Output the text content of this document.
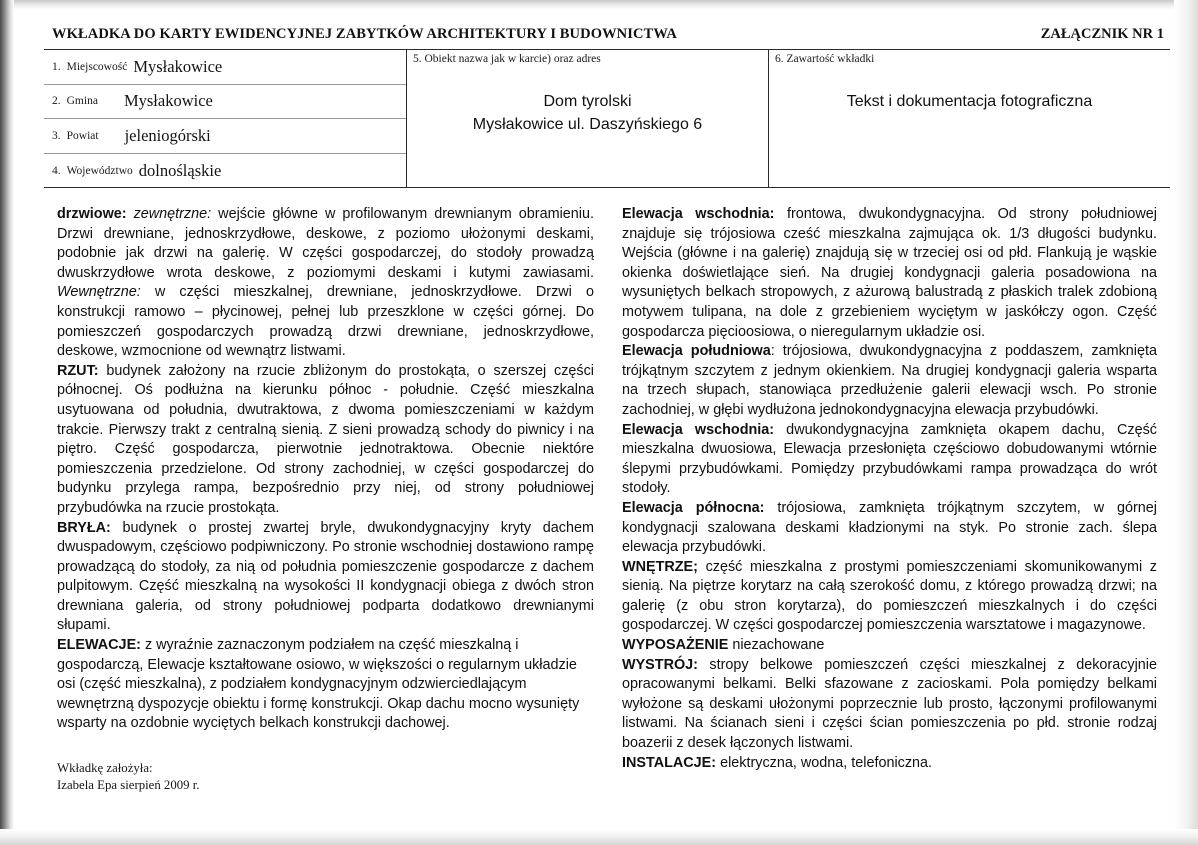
WKŁADKA DO KARTY EWIDENCYJNEJ ZABYTKÓW ARCHITEKTURY I BUDOWNICTWA	ZAŁĄCZNIK NR 1
1. Miejscowość Mysłakowice
2. Gmina Mysłakowice
3. Powiat jeleniogórski
4. Województwo dolnośląskie
5. Obiekt nazwa jak w karcie) oraz adres
Dom tyrolski
Mysłakowice ul. Daszyńskiego 6
6. Zawartość wkładki
Tekst i dokumentacja fotograficzna

drzwiowe: zewnętrzne: wejście główne w profilowanym drewnianym obramieniu. Drzwi drewniane, jednoskrzydłowe, deskowe, z poziomo ułożonymi deskami, podobnie jak drzwi na galerię. W części gospodarczej, do stodoły prowadzą dwuskrzydłowe wrota deskowe, z poziomymi deskami i kutymi zawiasami. Wewnętrzne: w części mieszkalnej, drewniane, jednoskrzydłowe. Drzwi o konstrukcji ramowo – płycinowej, pełnej lub przeszklone w części górnej. Do pomieszczeń gospodarczych prowadzą drzwi drewniane, jednoskrzydłowe, deskowe, wzmocnione od wewnątrz listwami.

RZUT: budynek założony na rzucie zbliżonym do prostokąta, o szerszej części północnej. Oś podłużna na kierunku północ - południe. Część mieszkalna usytuowana od południa, dwutraktowa, z dwoma pomieszczeniami w każdym trakcie. Pierwszy trakt z centralną sienią. Z sieni prowadzą schody do piwnicy i na piętro. Część gospodarcza, pierwotnie jednotraktowa. Obecnie niektóre pomieszczenia przedzielone. Od strony zachodniej, w części gospodarczej do budynku przylega rampa, bezpośrednio przy niej, od strony południowej przybudówka na rzucie prostokąta.

BRYŁA: budynek o prostej zwartej bryle, dwukondygnacyjny kryty dachem dwuspadowym, częściowo podpiwniczony. Po stronie wschodniej dostawiono rampę prowadzącą do stodoły, za nią od południa pomieszczenie gospodarcze z dachem pulpitowym. Część mieszkalną na wysokości II kondygnacji obiega z dwóch stron drewniana galeria, od strony południowej podparta dodatkowo drewnianymi słupami.

ELEWACJE: z wyraźnie zaznaczonym podziałem na część mieszkalną i gospodarczą, Elewacje kształtowane osiowo, w większości o regularnym układzie osi (część mieszkalna), z podziałem kondygnacyjnym odzwierciedlającym wewnętrzną dyspozycje obiektu i formę konstrukcji. Okap dachu mocno wysunięty wsparty na ozdobnie wyciętych belkach konstrukcji dachowej.

Elewacja wschodnia: frontowa, dwukondygnacyjna. Od strony południowej znajduje się trójosiowa cześć mieszkalna zajmująca ok. 1/3 długości budynku. Wejścia (główne i na galerię) znajdują się w trzeciej osi od płd. Flankują je wąskie okienka doświetlające sień. Na drugiej kondygnacji galeria posadowiona na wysuniętych belkach stropowych, z ażurową balustradą z płaskich tralek zdobioną motywem tulipana, na dole z grzebieniem wyciętym w jaskółczy ogon. Część gospodarcza pięcioosiowa, o nieregularnym układzie osi.

Elewacja południowa: trójosiowa, dwukondygnacyjna z poddaszem, zamknięta trójkątnym szczytem z jednym okienkiem. Na drugiej kondygnacji galeria wsparta na trzech słupach, stanowiąca przedłużenie galerii elewacji wsch. Po stronie zachodniej, w głębi wydłużona jednokondygnacyjna elewacja przybudówki.

Elewacja wschodnia: dwukondygnacyjna zamknięta okapem dachu, Część mieszkalna dwuosiowa, Elewacja przesłonięta częściowo dobudowanymi wtórnie ślepymi przybudówkami. Pomiędzy przybudówkami rampa prowadząca do wrót stodoły.

Elewacja północna: trójosiowa, zamknięta trójkątnym szczytem, w górnej kondygnacji szalowana deskami kładzionymi na styk. Po stronie zach. ślepa elewacja przybudówki.

WNĘTRZE; część mieszkalna z prostymi pomieszczeniami skomunikowanymi z sienią. Na piętrze korytarz na całą szerokość domu, z którego prowadzą drzwi; na galerię (z obu stron korytarza), do pomieszczeń mieszkalnych i do części gospodarczej. W części gospodarczej pomieszczenia warsztatowe i magazynowe.

WYPOSAŻENIE niezachowane

WYSTRÓJ: stropy belkowe pomieszczeń części mieszkalnej z dekoracyjnie opracowanymi belkami. Belki sfazowane z zacioskami. Pola pomiędzy belkami wyłożone są deskami ułożonymi poprzecznie lub prosto, łączonymi profilowanymi listwami. Na ścianach sieni i części ścian pomieszczenia po płd. stronie rodzaj boazerii z desek łączonych listwami.

INSTALACJE: elektryczna, wodna, telefoniczna.

Wkładkę założyła:
Izabela Epa sierpień 2009 r.
